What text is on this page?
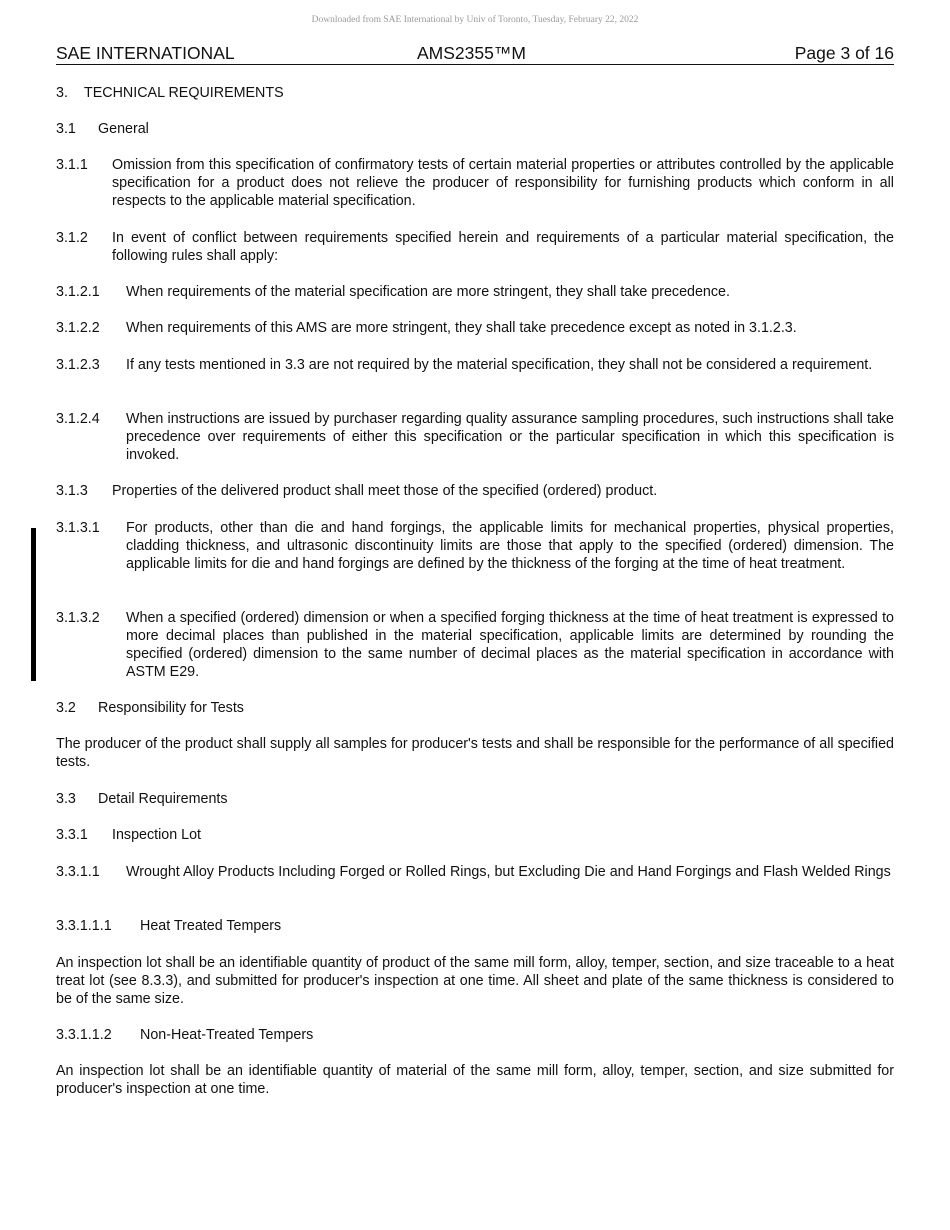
Downloaded from SAE International by Univ of Toronto, Tuesday, February 22, 2022
SAE INTERNATIONAL	AMS2355™M	Page 3 of 16
3.	TECHNICAL REQUIREMENTS
3.1	General
3.1.1	Omission from this specification of confirmatory tests of certain material properties or attributes controlled by the applicable specification for a product does not relieve the producer of responsibility for furnishing products which conform in all respects to the applicable material specification.
3.1.2	In event of conflict between requirements specified herein and requirements of a particular material specification, the following rules shall apply:
3.1.2.1	When requirements of the material specification are more stringent, they shall take precedence.
3.1.2.2	When requirements of this AMS are more stringent, they shall take precedence except as noted in 3.1.2.3.
3.1.2.3	If any tests mentioned in 3.3 are not required by the material specification, they shall not be considered a requirement.
3.1.2.4	When instructions are issued by purchaser regarding quality assurance sampling procedures, such instructions shall take precedence over requirements of either this specification or the particular specification in which this specification is invoked.
3.1.3	Properties of the delivered product shall meet those of the specified (ordered) product.
3.1.3.1	For products, other than die and hand forgings, the applicable limits for mechanical properties, physical properties, cladding thickness, and ultrasonic discontinuity limits are those that apply to the specified (ordered) dimension. The applicable limits for die and hand forgings are defined by the thickness of the forging at the time of heat treatment.
3.1.3.2	When a specified (ordered) dimension or when a specified forging thickness at the time of heat treatment is expressed to more decimal places than published in the material specification, applicable limits are determined by rounding the specified (ordered) dimension to the same number of decimal places as the material specification in accordance with ASTM E29.
3.2	Responsibility for Tests
The producer of the product shall supply all samples for producer's tests and shall be responsible for the performance of all specified tests.
3.3	Detail Requirements
3.3.1	Inspection Lot
3.3.1.1	Wrought Alloy Products Including Forged or Rolled Rings, but Excluding Die and Hand Forgings and Flash Welded Rings
3.3.1.1.1	Heat Treated Tempers
An inspection lot shall be an identifiable quantity of product of the same mill form, alloy, temper, section, and size traceable to a heat treat lot (see 8.3.3), and submitted for producer's inspection at one time. All sheet and plate of the same thickness is considered to be of the same size.
3.3.1.1.2	Non-Heat-Treated Tempers
An inspection lot shall be an identifiable quantity of material of the same mill form, alloy, temper, section, and size submitted for producer's inspection at one time.
